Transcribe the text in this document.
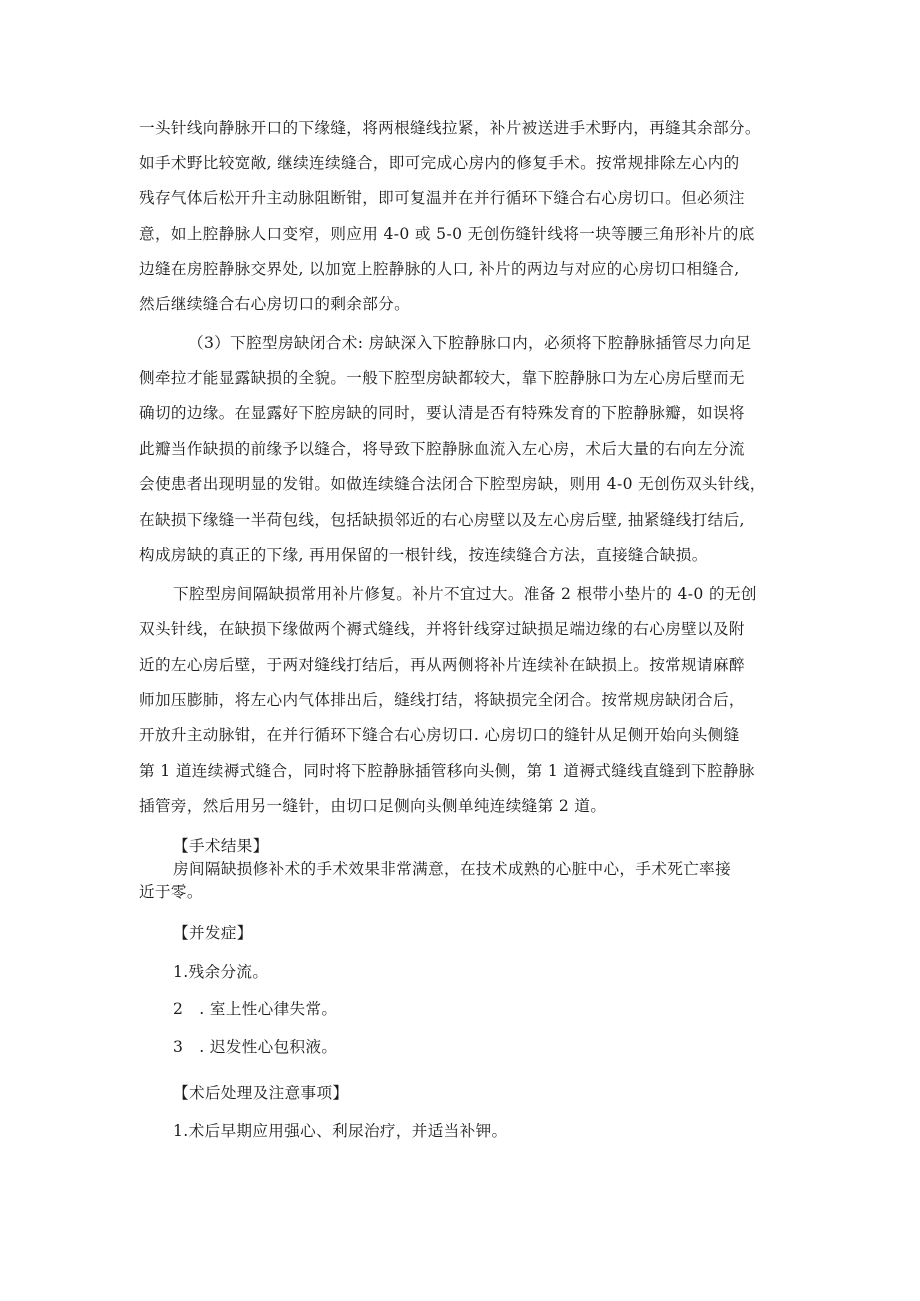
一头针线向静脉开口的下缘缝，将两根缝线拉紧，补片被送进手术野内，再缝其余部分。
如手术野比较宽敞, 继续连续缝合，即可完成心房内的修复手术。按常规排除左心内的
残存气体后松开升主动脉阻断钳，即可复温并在并行循环下缝合右心房切口。但必须注
意，如上腔静脉人口变窄，则应用 4-0 或 5-0 无创伤缝针线将一块等腰三角形补片的底
边缝在房腔静脉交界处, 以加宽上腔静脉的人口, 补片的两边与对应的心房切口相缝合,
然后继续缝合右心房切口的剩余部分。
（3）下腔型房缺闭合术: 房缺深入下腔静脉口内，必须将下腔静脉插管尽力向足
侧牵拉才能显露缺损的全貌。一般下腔型房缺都较大，靠下腔静脉口为左心房后壁而无
确切的边缘。在显露好下腔房缺的同时，要认清是否有特殊发育的下腔静脉瓣，如误将
此瓣当作缺损的前缘予以缝合，将导致下腔静脉血流入左心房，术后大量的右向左分流
会使患者出现明显的发钳。如做连续缝合法闭合下腔型房缺，则用 4-0 无创伤双头针线，
在缺损下缘缝一半荷包线，包括缺损邻近的右心房壁以及左心房后壁, 抽紧缝线打结后,
构成房缺的真正的下缘, 再用保留的一根针线，按连续缝合方法，直接缝合缺损。
下腔型房间隔缺损常用补片修复。补片不宜过大。准备 2 根带小垫片的 4-0 的无创
双头针线，在缺损下缘做两个褥式缝线，并将针线穿过缺损足端边缘的右心房壁以及附
近的左心房后壁，于两对缝线打结后，再从两侧将补片连续补在缺损上。按常规请麻醉
师加压膨肺，将左心内气体排出后，缝线打结，将缺损完全闭合。按常规房缺闭合后，
开放升主动脉钳，在并行循环下缝合右心房切口. 心房切口的缝针从足侧开始向头侧缝
第 1 道连续褥式缝合，同时将下腔静脉插管移向头侧，第 1 道褥式缝线直缝到下腔静脉
插管旁，然后用另一缝针，由切口足侧向头侧单纯连续缝第 2 道。
【手术结果】
房间隔缺损修补术的手术效果非常满意，在技术成熟的心脏中心，手术死亡率接
近于零。
【并发症】
1.残余分流。
2　. 室上性心律失常。
3　. 迟发性心包积液。
【术后处理及注意事项】
1.术后早期应用强心、利尿治疗，并适当补钾。
